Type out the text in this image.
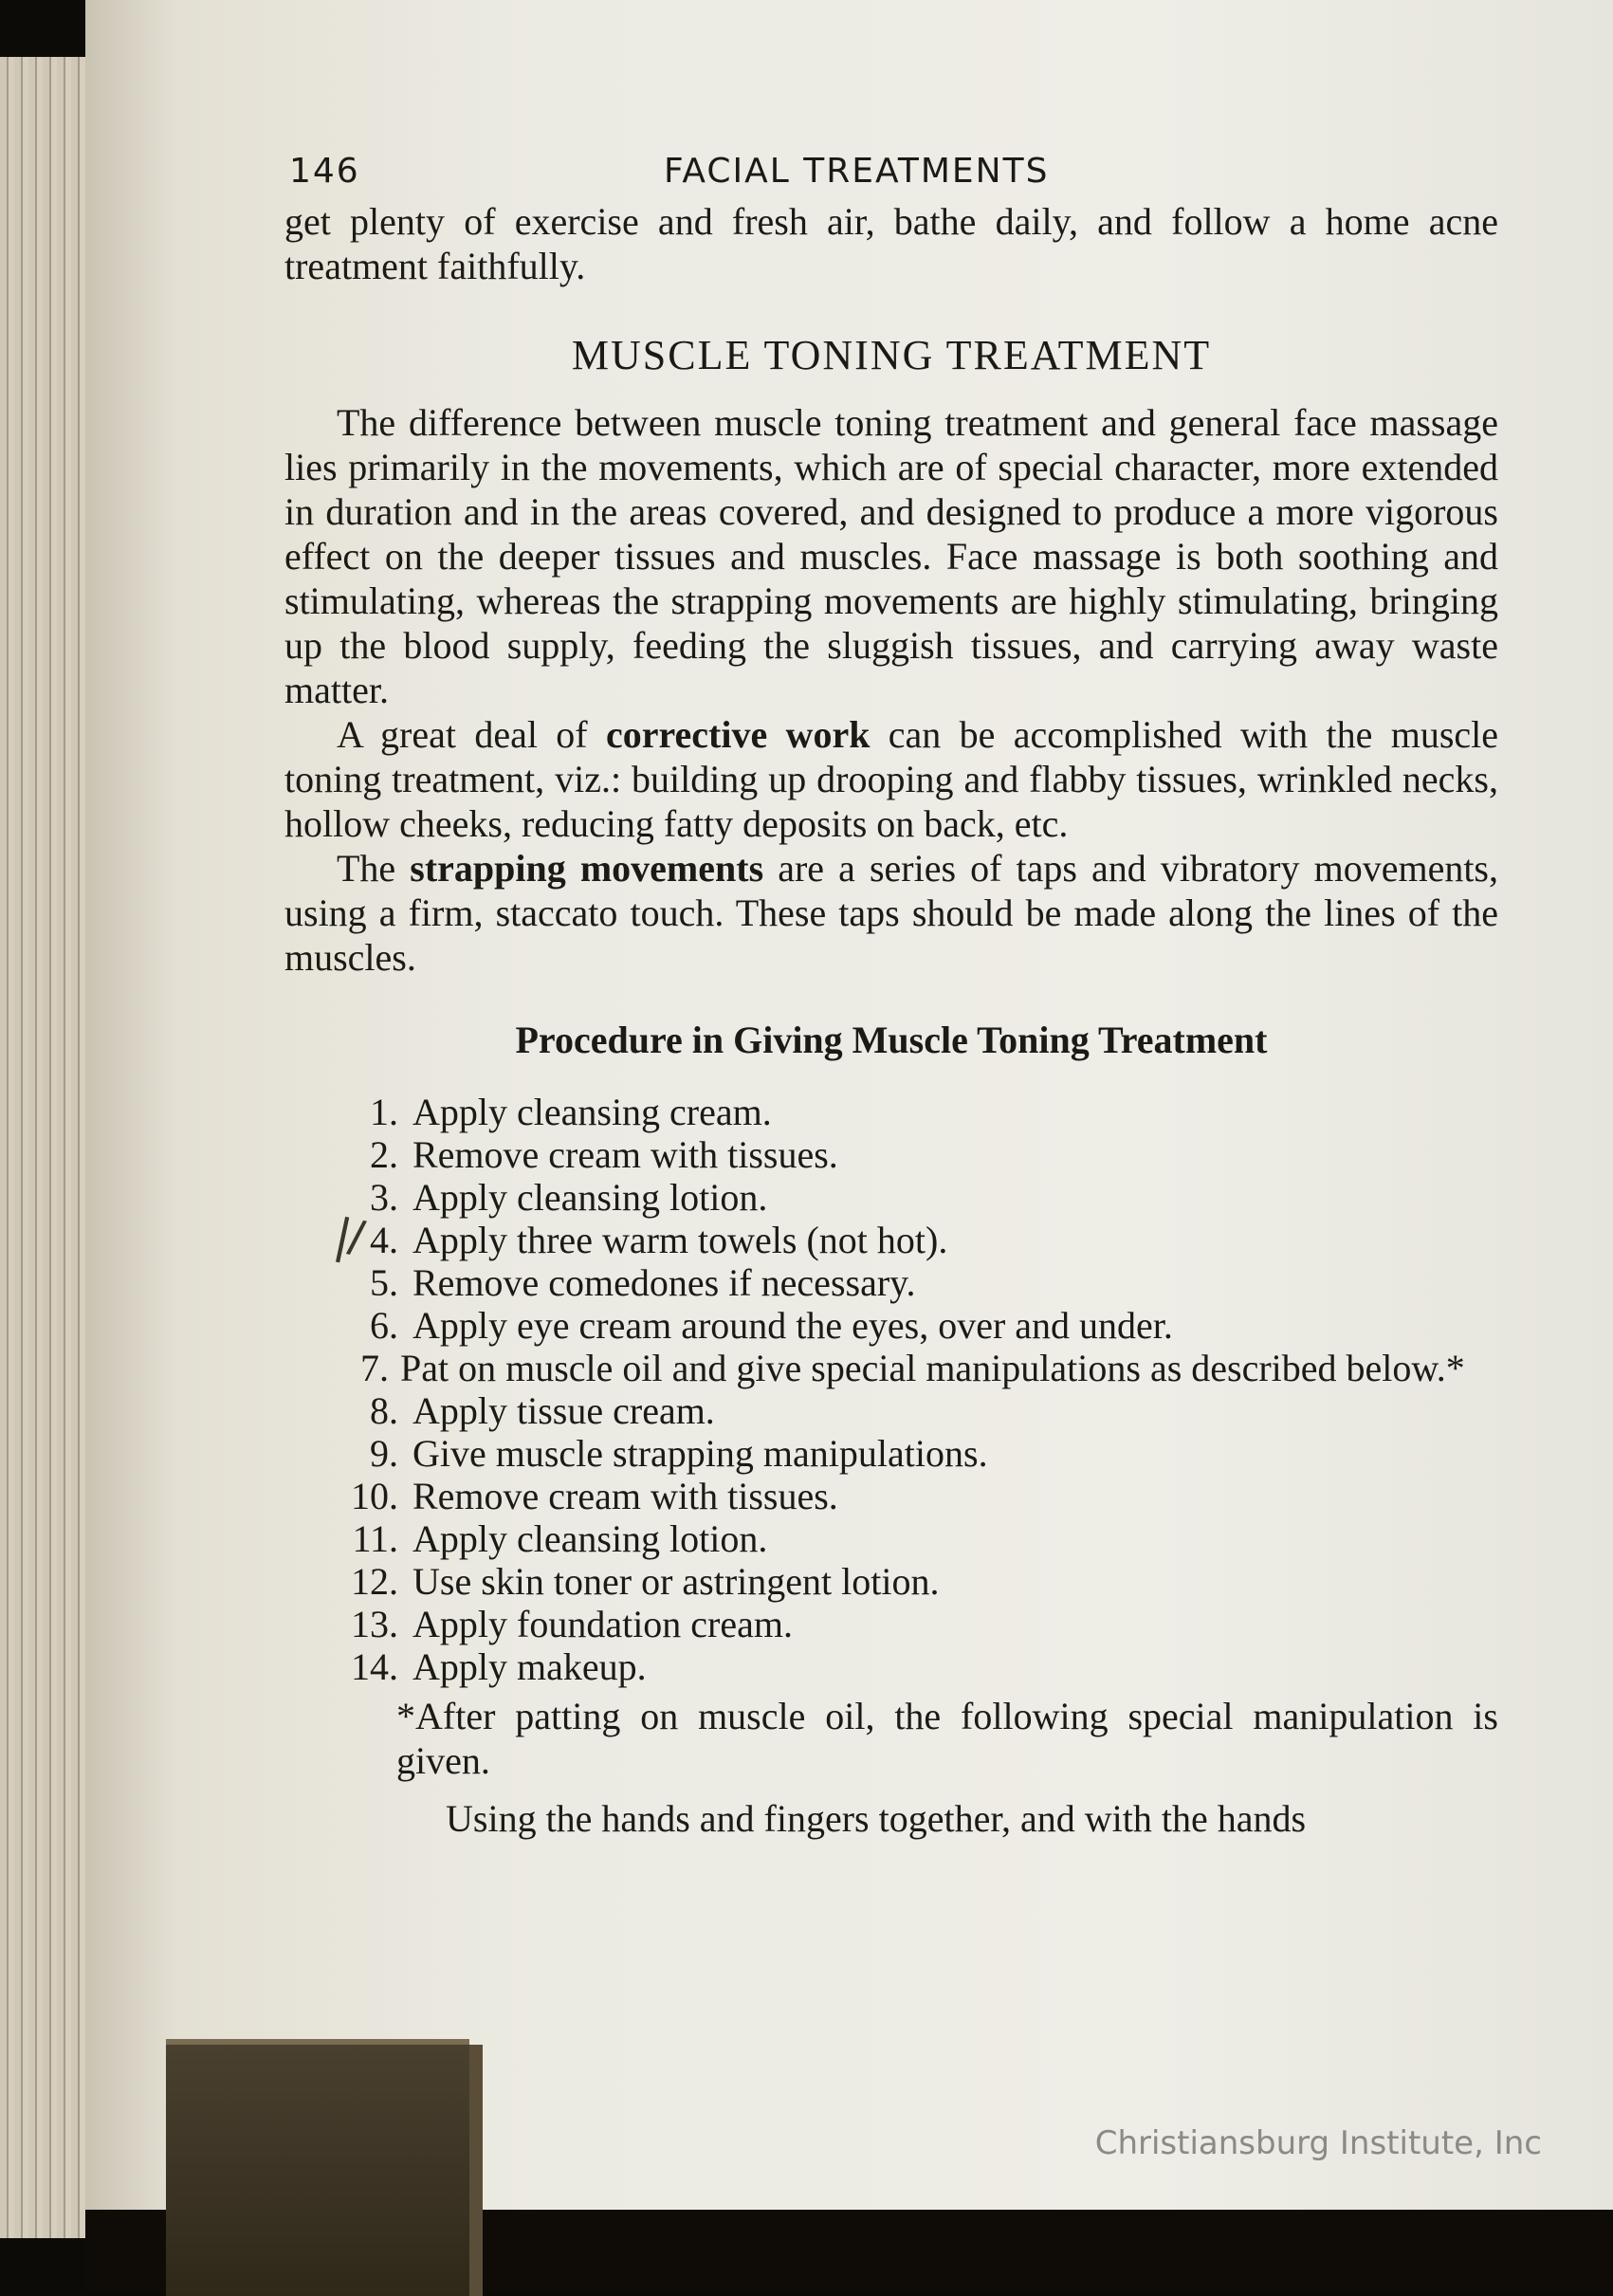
146	FACIAL TREATMENTS

get plenty of exercise and fresh air, bathe daily, and follow a home acne treatment faithfully.

MUSCLE TONING TREATMENT

The difference between muscle toning treatment and general face massage lies primarily in the movements, which are of special character, more extended in duration and in the areas covered, and designed to produce a more vigorous effect on the deeper tissues and muscles. Face massage is both soothing and stimulating, whereas the strapping movements are highly stimulating, bringing up the blood supply, feeding the sluggish tissues, and carrying away waste matter.

A great deal of corrective work can be accomplished with the muscle toning treatment, viz.: building up drooping and flabby tissues, wrinkled necks, hollow cheeks, reducing fatty deposits on back, etc.

The strapping movements are a series of taps and vibratory movements, using a firm, staccato touch. These taps should be made along the lines of the muscles.

Procedure in Giving Muscle Toning Treatment
1. Apply cleansing cream.
2. Remove cream with tissues.
3. Apply cleansing lotion.
4. Apply three warm towels (not hot).
5. Remove comedones if necessary.
6. Apply eye cream around the eyes, over and under.
7. Pat on muscle oil and give special manipulations as described below.*
8. Apply tissue cream.
9. Give muscle strapping manipulations.
10. Remove cream with tissues.
11. Apply cleansing lotion.
12. Use skin toner or astringent lotion.
13. Apply foundation cream.
14. Apply makeup.

*After patting on muscle oil, the following special manipulation is given.

Using the hands and fingers together, and with the hands

|/
Christiansburg Institute, Inc
